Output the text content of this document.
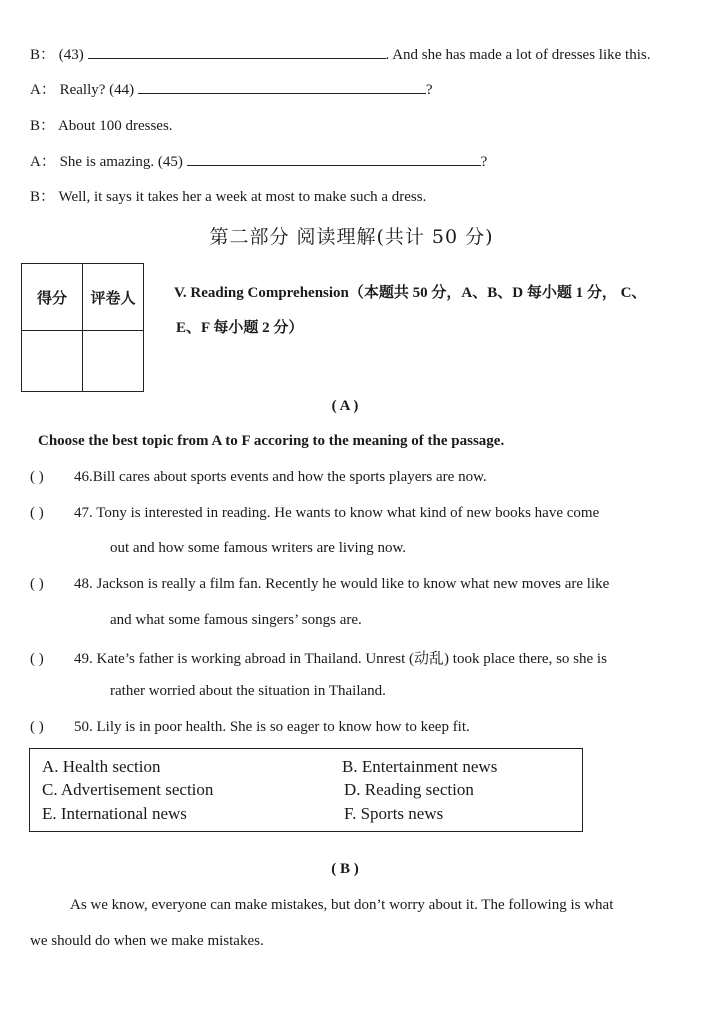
B： (43)	. And she has made a lot of dresses like this.
A： Really? (44)	?
B： About 100 dresses.
A： She is amazing. (45)	?
B： Well, it says it takes her a week at most to make such a dress.
第二部分 阅读理解(共计 50 分)
得分	评卷人
		V. Reading Comprehension（本题共 50 分，A、B、D 每小题 1 分， C、
E、F 每小题 2 分）
( A )
Choose the best topic from A to F accoring to the meaning of the passage.
( ) 46.Bill cares about sports events and how the sports players are now.
( ) 47. Tony is interested in reading. He wants to know what kind of new books have come
out and how some famous writers are living now.
( ) 48. Jackson is really a film fan. Recently he would like to know what new moves are like
and what some famous singers’ songs are.
( ) 49. Kate’s father is working abroad in Thailand. Unrest (动乱) took place there, so she is
rather worried about the situation in Thailand.
( ) 50. Lily is in poor health. She is so eager to know how to keep fit.
A. Health section	B. Entertainment news
C. Advertisement section	D. Reading section
E. International news	F. Sports news
( B )
As we know, everyone can make mistakes, but don’t worry about it. The following is what
we should do when we make mistakes.
